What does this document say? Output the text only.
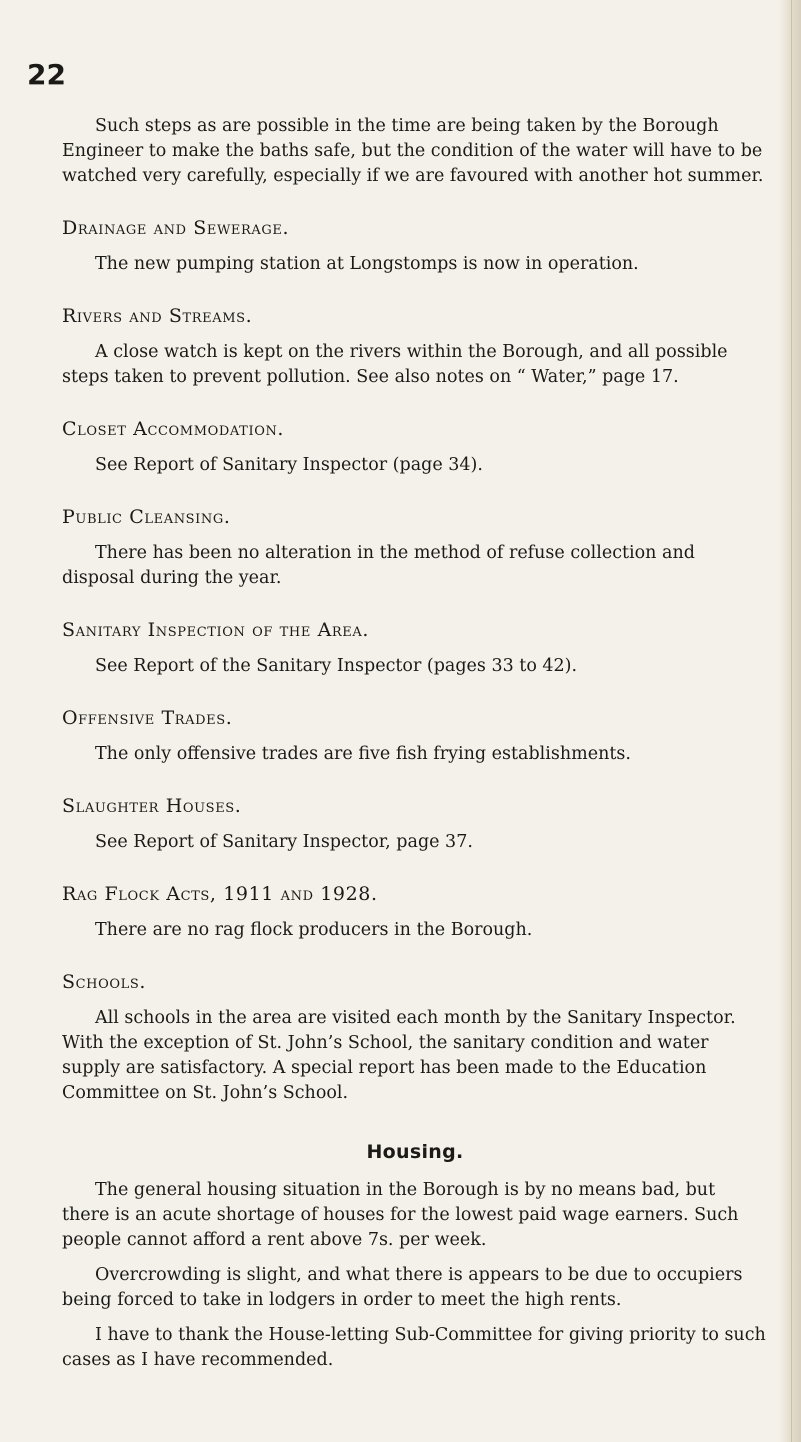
22

Such steps as are possible in the time are being taken by the Borough Engineer to make the baths safe, but the condition of the water will have to be watched very carefully, especially if we are favoured with another hot summer.

Drainage and Sewerage.

The new pumping station at Longstomps is now in operation.

Rivers and Streams.

A close watch is kept on the rivers within the Borough, and all possible steps taken to prevent pollution. See also notes on “ Water,” page 17.

Closet Accommodation.

See Report of Sanitary Inspector (page 34).

Public Cleansing.

There has been no alteration in the method of refuse collection and disposal during the year.

Sanitary Inspection of the Area.

See Report of the Sanitary Inspector (pages 33 to 42).

Offensive Trades.

The only offensive trades are five fish frying establishments.

Slaughter Houses.

See Report of Sanitary Inspector, page 37.

Rag Flock Acts, 1911 and 1928.

There are no rag flock producers in the Borough.

Schools.

All schools in the area are visited each month by the Sanitary Inspector. With the exception of St. John’s School, the sanitary condition and water supply are satisfactory. A special report has been made to the Education Committee on St. John’s School.

Housing.

The general housing situation in the Borough is by no means bad, but there is an acute shortage of houses for the lowest paid wage earners. Such people cannot afford a rent above 7s. per week.

Overcrowding is slight, and what there is appears to be due to occupiers being forced to take in lodgers in order to meet the high rents.

I have to thank the House-letting Sub-Committee for giving priority to such cases as I have recommended.
